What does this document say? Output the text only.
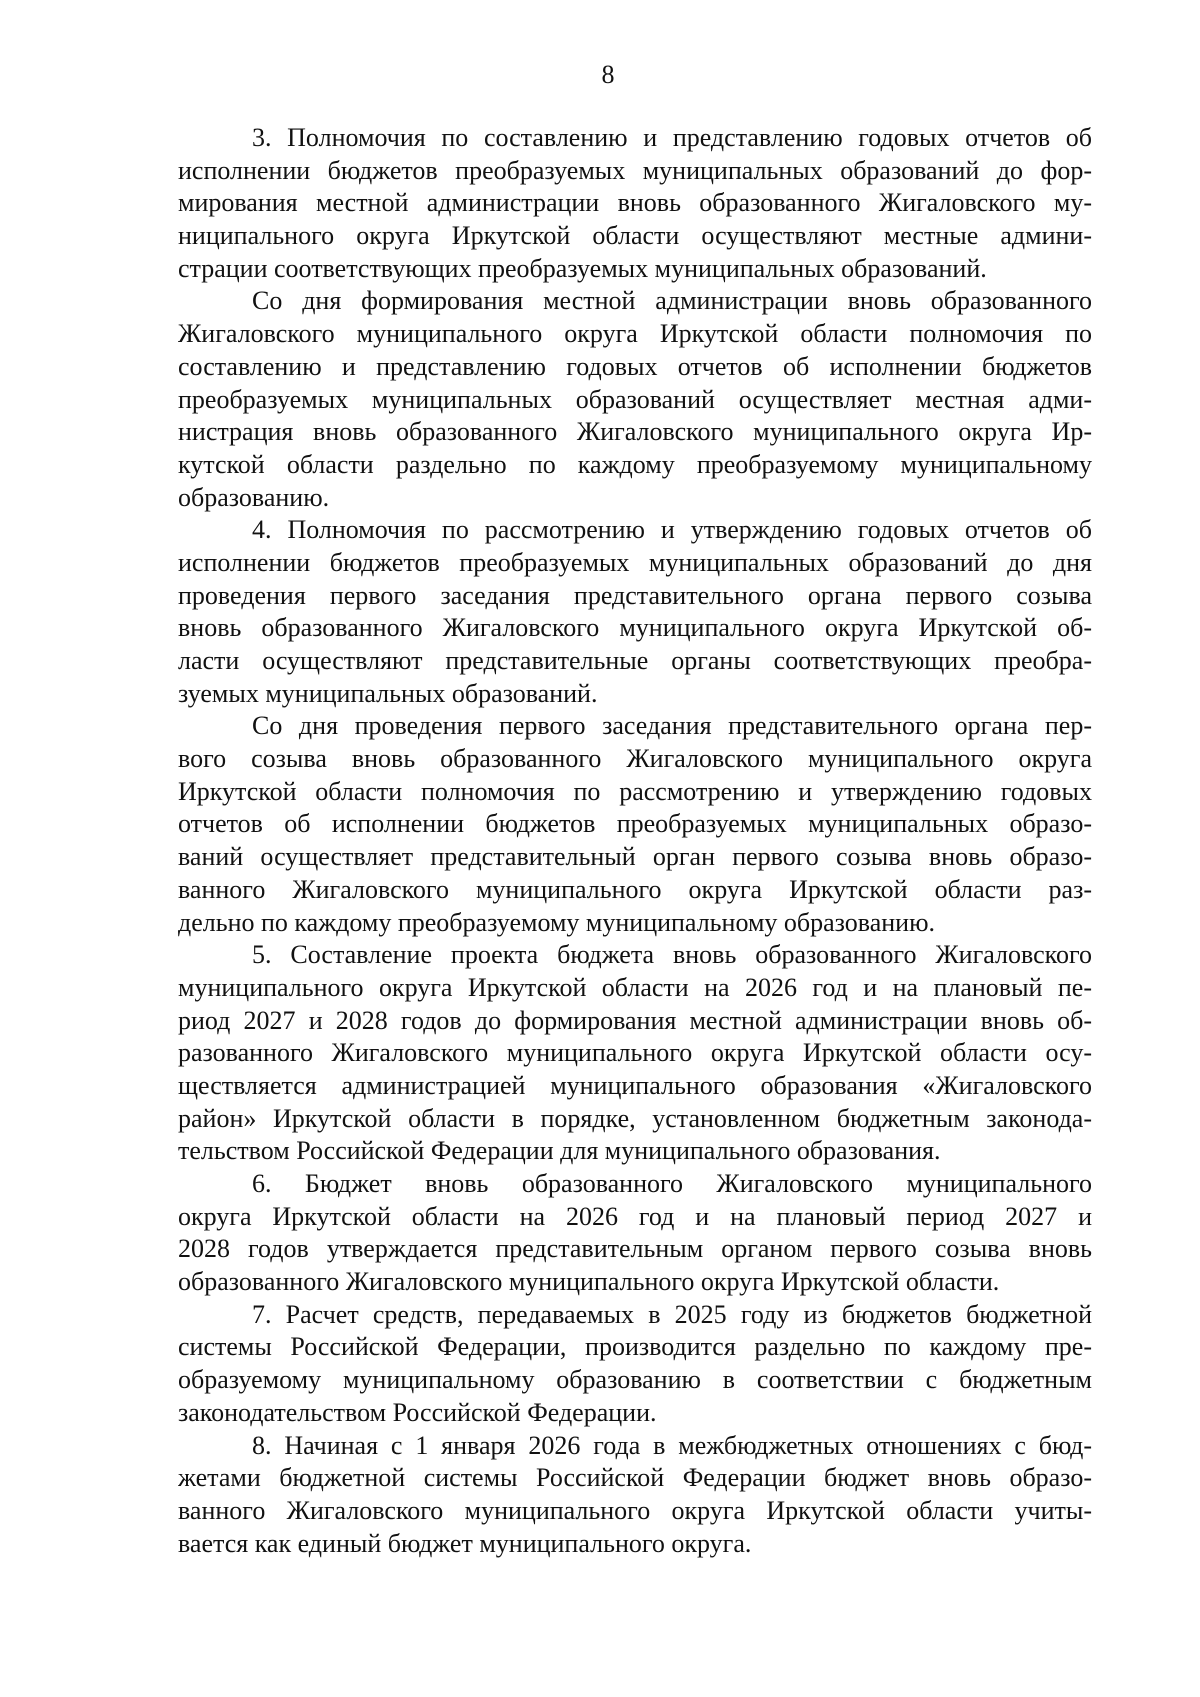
8
3. Полномочия по составлению и представлению годовых отчетов об
исполнении бюджетов преобразуемых муниципальных образований до фор-
мирования местной администрации вновь образованного Жигаловского му-
ниципального округа Иркутской области осуществляют местные админи-
страции соответствующих преобразуемых муниципальных образований.
Со дня формирования местной администрации вновь образованного
Жигаловского муниципального округа Иркутской области полномочия по
составлению и представлению годовых отчетов об исполнении бюджетов
преобразуемых муниципальных образований осуществляет местная адми-
нистрация вновь образованного Жигаловского муниципального округа Ир-
кутской области раздельно по каждому преобразуемому муниципальному
образованию.
4. Полномочия по рассмотрению и утверждению годовых отчетов об
исполнении бюджетов преобразуемых муниципальных образований до дня
проведения первого заседания представительного органа первого созыва
вновь образованного Жигаловского муниципального округа Иркутской об-
ласти осуществляют представительные органы соответствующих преобра-
зуемых муниципальных образований.
Со дня проведения первого заседания представительного органа пер-
вого созыва вновь образованного Жигаловского муниципального округа
Иркутской области полномочия по рассмотрению и утверждению годовых
отчетов об исполнении бюджетов преобразуемых муниципальных образо-
ваний осуществляет представительный орган первого созыва вновь образо-
ванного Жигаловского муниципального округа Иркутской области раз-
дельно по каждому преобразуемому муниципальному образованию.
5. Составление проекта бюджета вновь образованного Жигаловского
муниципального округа Иркутской области на 2026 год и на плановый пе-
риод 2027 и 2028 годов до формирования местной администрации вновь об-
разованного Жигаловского муниципального округа Иркутской области осу-
ществляется администрацией муниципального образования «Жигаловского
район» Иркутской области в порядке, установленном бюджетным законода-
тельством Российской Федерации для муниципального образования.
6. Бюджет вновь образованного Жигаловского муниципального
округа Иркутской области на 2026 год и на плановый период 2027 и
2028 годов утверждается представительным органом первого созыва вновь
образованного Жигаловского муниципального округа Иркутской области.
7. Расчет средств, передаваемых в 2025 году из бюджетов бюджетной
системы Российской Федерации, производится раздельно по каждому пре-
образуемому муниципальному образованию в соответствии с бюджетным
законодательством Российской Федерации.
8. Начиная с 1 января 2026 года в межбюджетных отношениях с бюд-
жетами бюджетной системы Российской Федерации бюджет вновь образо-
ванного Жигаловского муниципального округа Иркутской области учиты-
вается как единый бюджет муниципального округа.
